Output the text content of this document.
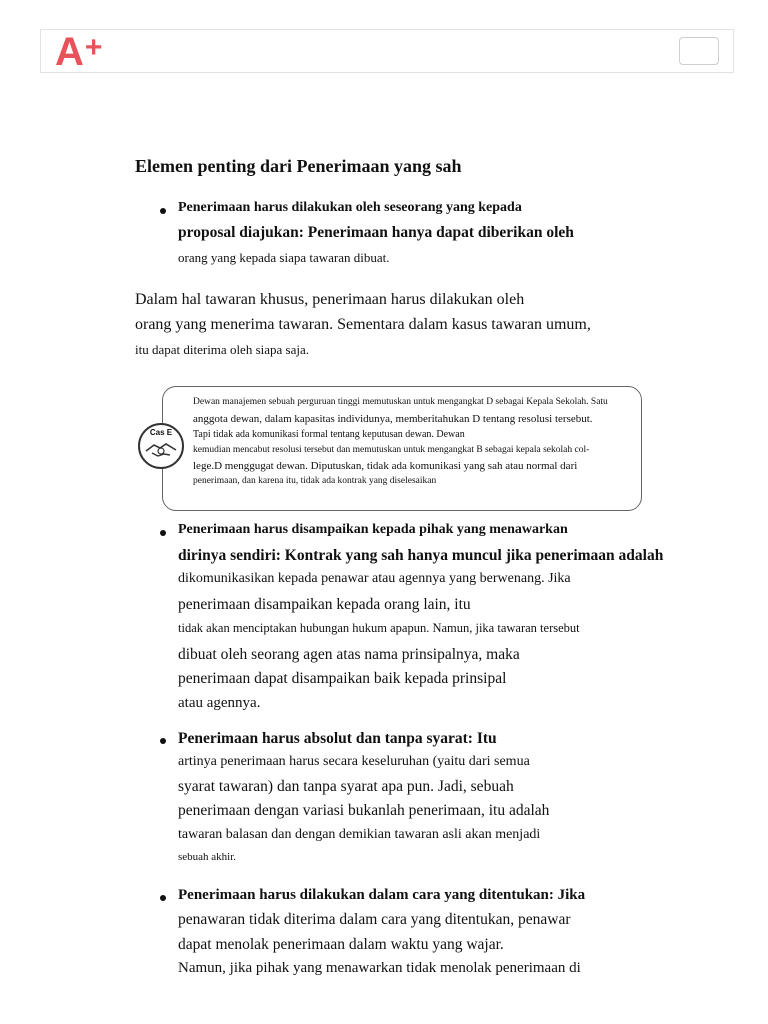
A+
Elemen penting dari Penerimaan yang sah
Penerimaan harus dilakukan oleh seseorang yang kepada
proposal diajukan: Penerimaan hanya dapat diberikan oleh
orang yang kepada siapa tawaran dibuat.
Dalam hal tawaran khusus, penerimaan harus dilakukan oleh
orang yang menerima tawaran. Sementara dalam kasus tawaran umum,
itu dapat diterima oleh siapa saja.
Cas E
Dewan manajemen sebuah perguruan tinggi memutuskan untuk mengangkat D sebagai Kepala Sekolah. Satu
anggota dewan, dalam kapasitas individunya, memberitahukan D tentang resolusi tersebut.
Tapi tidak ada komunikasi formal tentang keputusan dewan. Dewan
kemudian mencabut resolusi tersebut dan memutuskan untuk mengangkat B sebagai kepala sekolah col-
lege.D menggugat dewan. Diputuskan, tidak ada komunikasi yang sah atau normal dari
penerimaan, dan karena itu, tidak ada kontrak yang diselesaikan
Penerimaan harus disampaikan kepada pihak yang menawarkan
dirinya sendiri: Kontrak yang sah hanya muncul jika penerimaan adalah
dikomunikasikan kepada penawar atau agennya yang berwenang. Jika
penerimaan disampaikan kepada orang lain, itu
tidak akan menciptakan hubungan hukum apapun. Namun, jika tawaran tersebut
dibuat oleh seorang agen atas nama prinsipalnya, maka
penerimaan dapat disampaikan baik kepada prinsipal
atau agennya.
Penerimaan harus absolut dan tanpa syarat: Itu
artinya penerimaan harus secara keseluruhan (yaitu dari semua
syarat tawaran) dan tanpa syarat apa pun. Jadi, sebuah
penerimaan dengan variasi bukanlah penerimaan, itu adalah
tawaran balasan dan dengan demikian tawaran asli akan menjadi
sebuah akhir.
Penerimaan harus dilakukan dalam cara yang ditentukan: Jika
penawaran tidak diterima dalam cara yang ditentukan, penawar
dapat menolak penerimaan dalam waktu yang wajar.
Namun, jika pihak yang menawarkan tidak menolak penerimaan di
